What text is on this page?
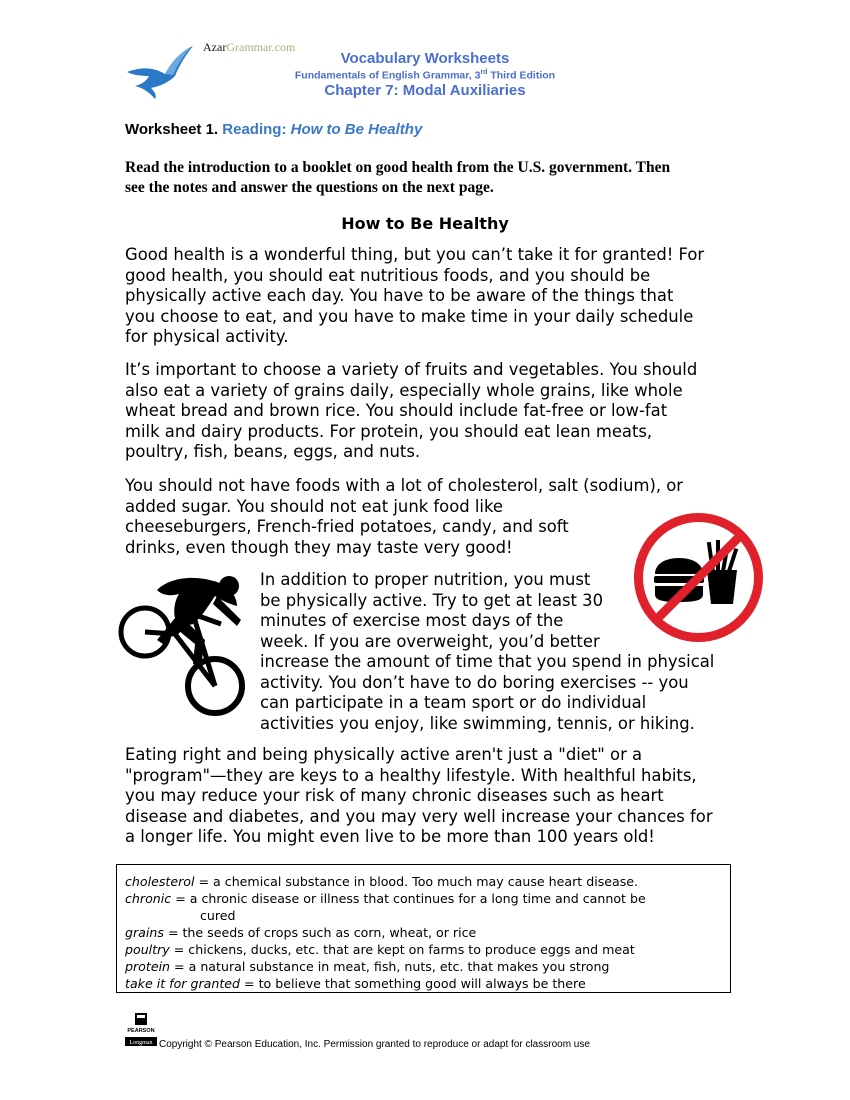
AzarGrammar.com
Vocabulary Worksheets
Fundamentals of English Grammar, 3rd Third Edition
Chapter 7: Modal Auxiliaries
Worksheet 1. Reading: How to Be Healthy
Read the introduction to a booklet on good health from the U.S. government. Then
see the notes and answer the questions on the next page.
How to Be Healthy
Good health is a wonderful thing, but you can’t take it for granted! For
good health, you should eat nutritious foods, and you should be
physically active each day. You have to be aware of the things that
you choose to eat, and you have to make time in your daily schedule
for physical activity.
It’s important to choose a variety of fruits and vegetables. You should
also eat a variety of grains daily, especially whole grains, like whole
wheat bread and brown rice. You should include fat-free or low-fat
milk and dairy products. For protein, you should eat lean meats,
poultry, fish, beans, eggs, and nuts.
You should not have foods with a lot of cholesterol, salt (sodium), or
added sugar. You should not eat junk food like
cheeseburgers, French-fried potatoes, candy, and soft
drinks, even though they may taste very good!
In addition to proper nutrition, you must
be physically active. Try to get at least 30
minutes of exercise most days of the
week. If you are overweight, you’d better
increase the amount of time that you spend in physical
activity. You don’t have to do boring exercises -- you
can participate in a team sport or do individual
activities you enjoy, like swimming, tennis, or hiking.
Eating right and being physically active aren't just a "diet" or a
"program"—they are keys to a healthy lifestyle. With healthful habits,
you may reduce your risk of many chronic diseases such as heart
disease and diabetes, and you may very well increase your chances for
a longer life. You might even live to be more than 100 years old!
cholesterol = a chemical substance in blood. Too much may cause heart disease.
chronic = a chronic disease or illness that continues for a long time and cannot be
cured
grains = the seeds of crops such as corn, wheat, or rice
poultry = chickens, ducks, etc. that are kept on farms to produce eggs and meat
protein = a natural substance in meat, fish, nuts, etc. that makes you strong
take it for granted = to believe that something good will always be there
PEARSON
Longman Copyright © Pearson Education, Inc. Permission granted to reproduce or adapt for classroom use
